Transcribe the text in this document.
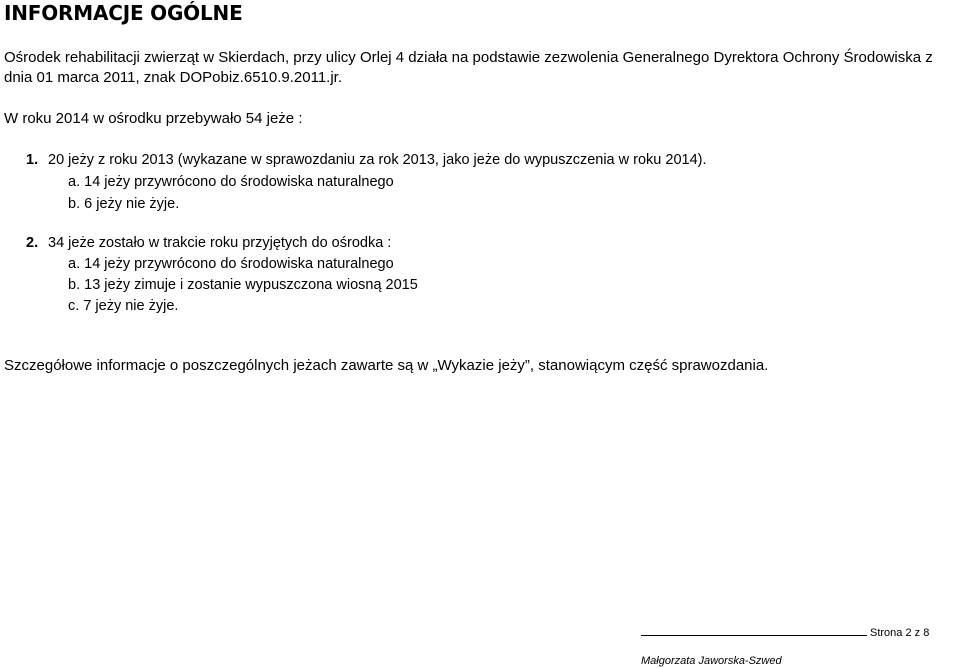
INFORMACJE OGÓLNE
Ośrodek rehabilitacji zwierząt w Skierdach, przy ulicy Orlej 4 działa na podstawie zezwolenia Generalnego Dyrektora Ochrony Środowiska z
dnia 01 marca 2011, znak DOPobiz.6510.9.2011.jr.
W roku 2014 w ośrodku przebywało 54 jeże :
1. 20 jeży z roku 2013 (wykazane w sprawozdaniu za rok 2013, jako jeże do wypuszczenia w roku 2014).
a. 14 jeży przywrócono do środowiska naturalnego
b. 6 jeży nie żyje.
2. 34 jeże zostało w trakcie roku przyjętych do ośrodka :
a. 14 jeży przywrócono do środowiska naturalnego
b. 13 jeży zimuje i zostanie wypuszczona wiosną 2015
c. 7 jeży nie żyje.
Szczegółowe informacje o poszczególnych jeżach zawarte są w „Wykazie jeży”, stanowiącym część sprawozdania.
Strona 2 z 8
Małgorzata Jaworska-Szwed
